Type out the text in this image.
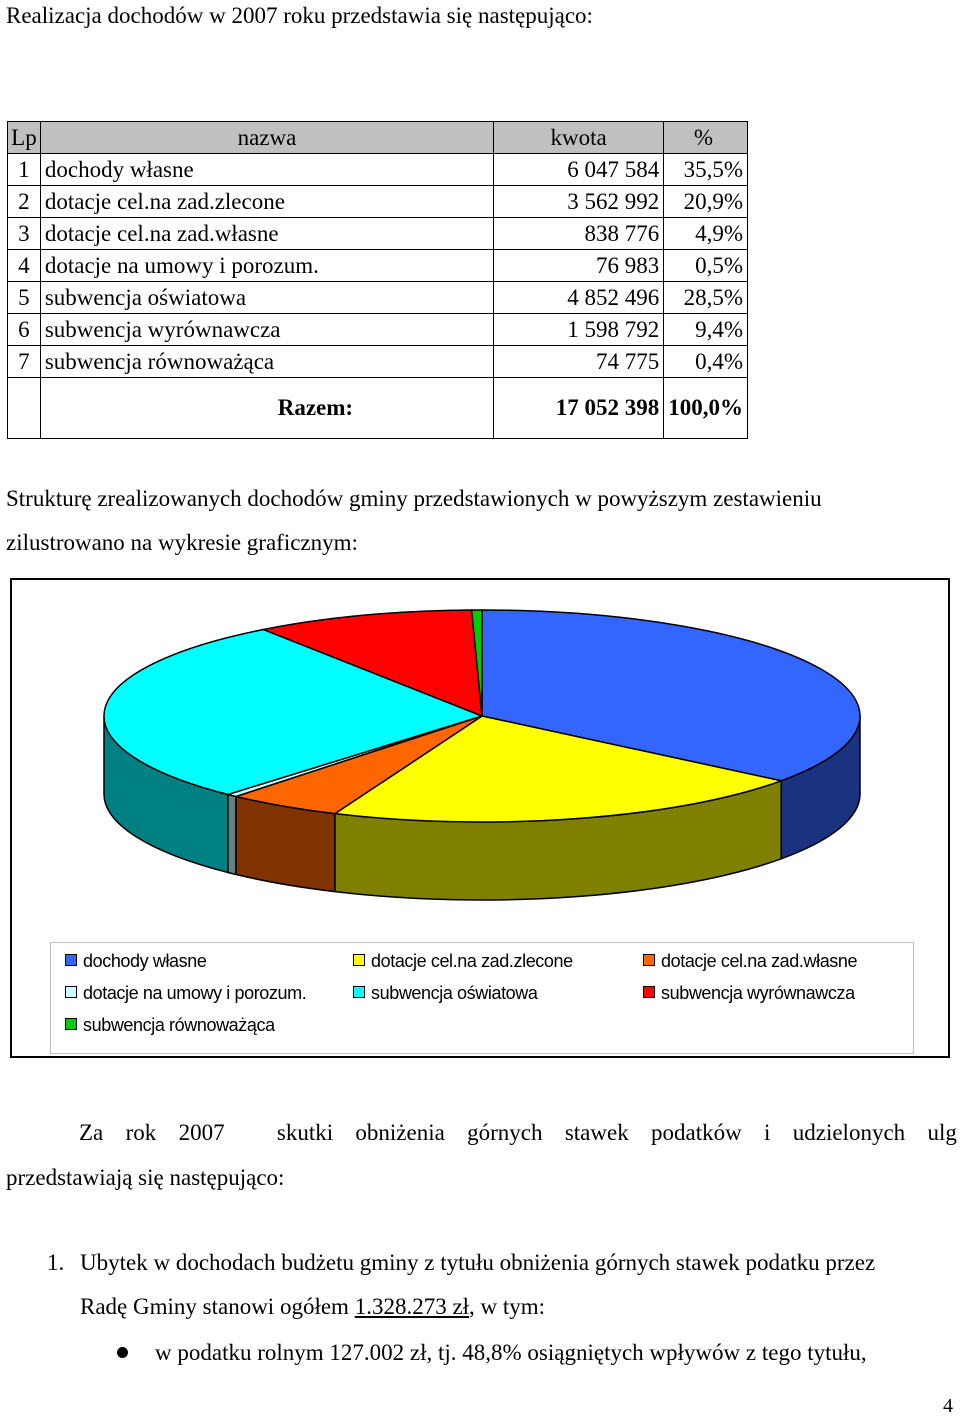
Realizacja dochodów w 2007 roku przedstawia się następująco:
Lp	nazwa	kwota	%
1	dochody własne	6 047 584	35,5%
2	dotacje cel.na zad.zlecone	3 562 992	20,9%
3	dotacje cel.na zad.własne	838 776	4,9%
4	dotacje na umowy i porozum.	76 983	0,5%
5	subwencja oświatowa	4 852 496	28,5%
6	subwencja wyrównawcza	1 598 792	9,4%
7	subwencja równoważąca	74 775	0,4%
	Razem:	17 052 398	100,0%
Strukturę zrealizowanych dochodów gminy przedstawionych w powyższym zestawieniu
zilustrowano na wykresie graficznym:
dochody własne	dotacje cel.na zad.zlecone	dotacje cel.na zad.własne
dotacje na umowy i porozum.	subwencja oświatowa	subwencja wyrównawcza
subwencja równoważąca
Za rok 2007 skutki obniżenia górnych stawek podatków i udzielonych ulg
przedstawiają się następująco:
1. Ubytek w dochodach budżetu gminy z tytułu obniżenia górnych stawek podatku przez
Radę Gminy stanowi ogółem 1.328.273 zł, w tym:
w podatku rolnym 127.002 zł, tj. 48,8% osiągniętych wpływów z tego tytułu,
4
